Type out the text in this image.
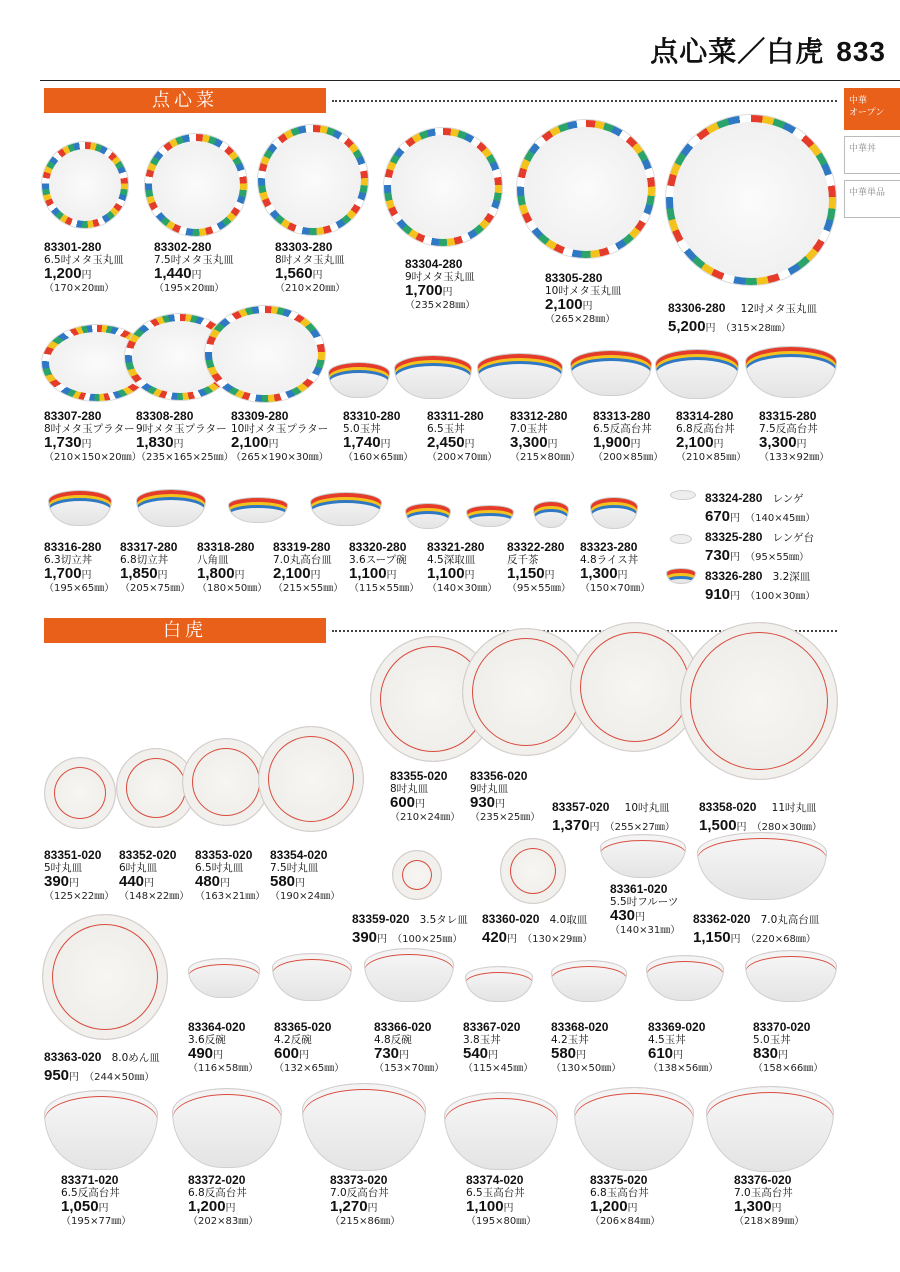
点心菜／白虎 833
中華
オープン
中華丼
中華単品
点心菜
白虎
83301-280
6.5吋メタ玉丸皿
1,200円
（170×20㎜）
83302-280
7.5吋メタ玉丸皿
1,440円
（195×20㎜）
83303-280
8吋メタ玉丸皿
1,560円
（210×20㎜）
83304-280
9吋メタ玉丸皿
1,700円
（235×28㎜）
83305-280
10吋メタ玉丸皿
2,100円
（265×28㎜）
83306-280 12吋メタ玉丸皿
5,200円 （315×28㎜）
83307-280
8吋メタ玉プラター
1,730円
（210×150×20㎜）
83308-280
9吋メタ玉プラター
1,830円
（235×165×25㎜）
83309-280
10吋メタ玉プラター
2,100円
（265×190×30㎜）
83310-280
5.0玉丼
1,740円
（160×65㎜）
83311-280
6.5玉丼
2,450円
（200×70㎜）
83312-280
7.0玉丼
3,300円
（215×80㎜）
83313-280
6.5反高台丼
1,900円
（200×85㎜）
83314-280
6.8反高台丼
2,100円
（210×85㎜）
83315-280
7.5反高台丼
3,300円
（133×92㎜）
83316-280
6.3切立丼
1,700円
（195×65㎜）
83317-280
6.8切立丼
1,850円
（205×75㎜）
83318-280
八角皿
1,800円
（180×50㎜）
83319-280
7.0丸高台皿
2,100円
（215×55㎜）
83320-280
3.6スープ碗
1,100円
（115×55㎜）
83321-280
4.5深取皿
1,100円
（140×30㎜）
83322-280
反千茶
1,150円
（95×55㎜）
83323-280
4.8ライス丼
1,300円
（150×70㎜）
83324-280 レンゲ
670円 （140×45㎜）
83325-280 レンゲ台
730円 （95×55㎜）
83326-280 3.2深皿
910円 （100×30㎜）
83351-020
5吋丸皿
390円
（125×22㎜）
83352-020
6吋丸皿
440円
（148×22㎜）
83353-020
6.5吋丸皿
480円
（163×21㎜）
83354-020
7.5吋丸皿
580円
（190×24㎜）
83355-020
8吋丸皿
600円
（210×24㎜）
83356-020
9吋丸皿
930円
（235×25㎜）
83357-020 10吋丸皿
1,370円 （255×27㎜）
83358-020 11吋丸皿
1,500円 （280×30㎜）
83359-020 3.5タレ皿
390円 （100×25㎜）
83360-020 4.0取皿
420円 （130×29㎜）
83361-020
5.5吋フルーツ
430円
（140×31㎜）
83362-020 7.0丸高台皿
1,150円 （220×68㎜）
83363-020 8.0めん皿
950円 （244×50㎜）
83364-020
3.6反碗
490円
（116×58㎜）
83365-020
4.2反碗
600円
（132×65㎜）
83366-020
4.8反碗
730円
（153×70㎜）
83367-020
3.8玉丼
540円
（115×45㎜）
83368-020
4.2玉丼
580円
（130×50㎜）
83369-020
4.5玉丼
610円
（138×56㎜）
83370-020
5.0玉丼
830円
（158×66㎜）
83371-020
6.5反高台丼
1,050円
（195×77㎜）
83372-020
6.8反高台丼
1,200円
（202×83㎜）
83373-020
7.0反高台丼
1,270円
（215×86㎜）
83374-020
6.5玉高台丼
1,100円
（195×80㎜）
83375-020
6.8玉高台丼
1,200円
（206×84㎜）
83376-020
7.0玉高台丼
1,300円
（218×89㎜）
